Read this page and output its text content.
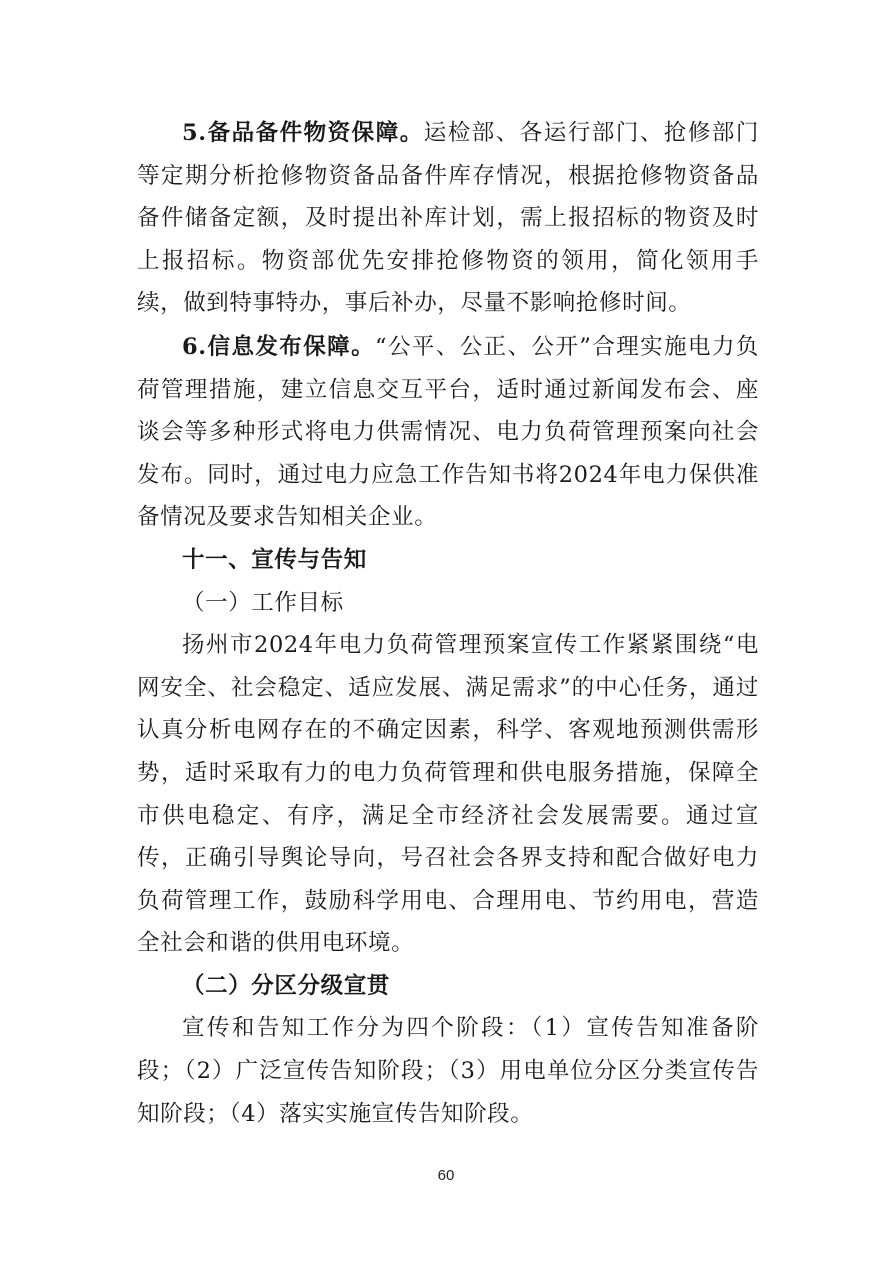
5.备品备件物资保障。运检部、各运行部门、抢修部门等定期分析抢修物资备品备件库存情况，根据抢修物资备品备件储备定额，及时提出补库计划，需上报招标的物资及时上报招标。物资部优先安排抢修物资的领用，简化领用手续，做到特事特办，事后补办，尽量不影响抢修时间。

6.信息发布保障。“公平、公正、公开”合理实施电力负荷管理措施，建立信息交互平台，适时通过新闻发布会、座谈会等多种形式将电力供需情况、电力负荷管理预案向社会发布。同时，通过电力应急工作告知书将2024年电力保供准备情况及要求告知相关企业。

十一、宣传与告知

（一）工作目标

扬州市2024年电力负荷管理预案宣传工作紧紧围绕“电网安全、社会稳定、适应发展、满足需求”的中心任务，通过认真分析电网存在的不确定因素，科学、客观地预测供需形势，适时采取有力的电力负荷管理和供电服务措施，保障全市供电稳定、有序，满足全市经济社会发展需要。通过宣传，正确引导舆论导向，号召社会各界支持和配合做好电力负荷管理工作，鼓励科学用电、合理用电、节约用电，营造全社会和谐的供用电环境。

（二）分区分级宣贯

宣传和告知工作分为四个阶段：（1）宣传告知准备阶段；（2）广泛宣传告知阶段；（3）用电单位分区分类宣传告知阶段；（4）落实实施宣传告知阶段。

60
